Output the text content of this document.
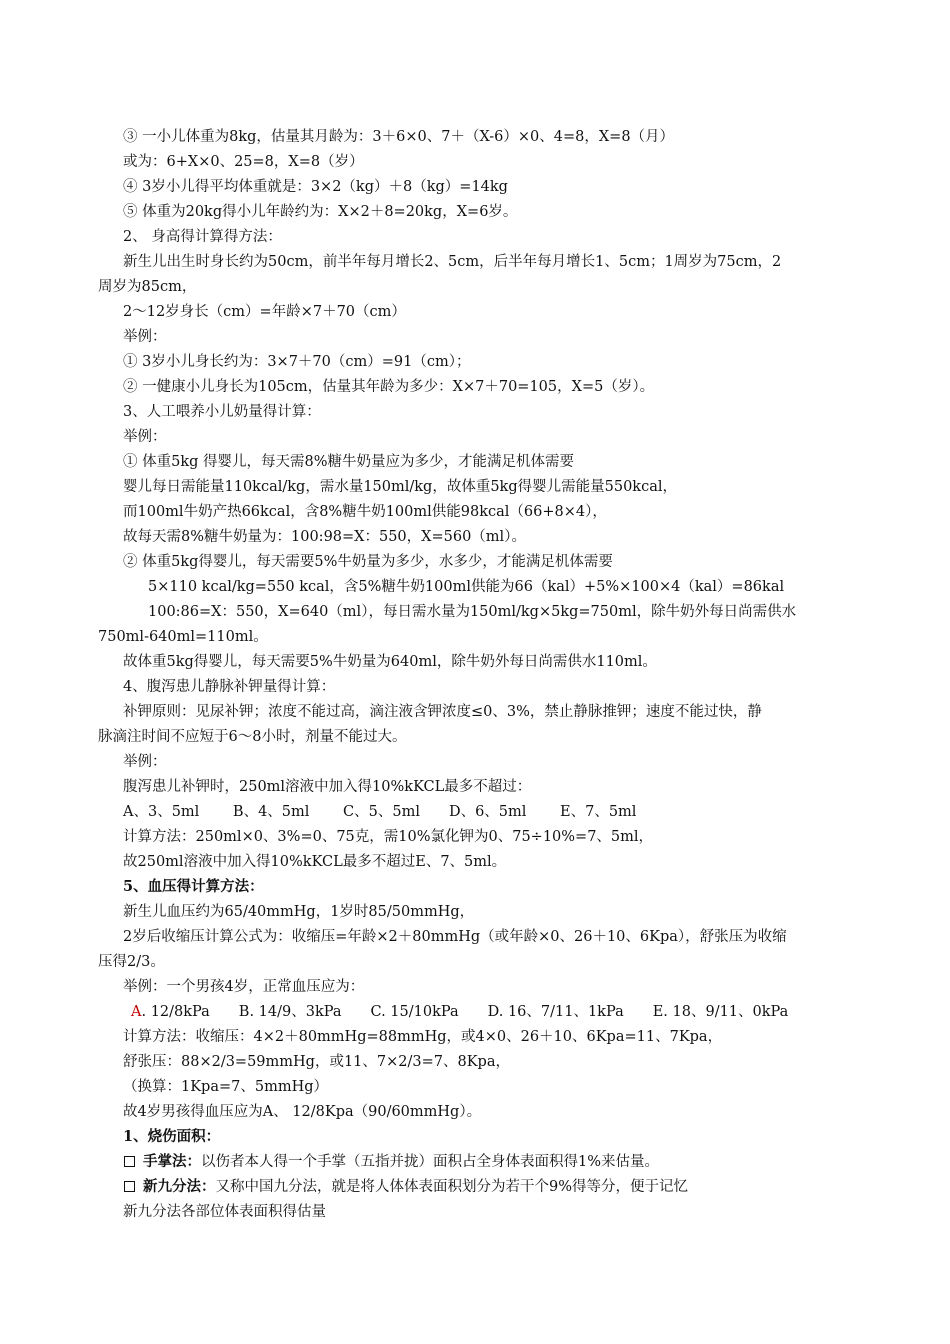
③ 一小儿体重为8kg，估量其月龄为：3＋6×0、7＋（X-6）×0、4=8，X=8（月）
或为：6+X×0、25=8，X=8（岁）
④ 3岁小儿得平均体重就是：3×2（kg）＋8（kg）=14kg
⑤ 体重为20kg得小儿年龄约为：X×2＋8=20kg，X=6岁。
2、 身高得计算得方法：
新生儿出生时身长约为50cm，前半年每月增长2、5cm，后半年每月增长1、5cm；1周岁为75cm，2
周岁为85cm，
2～12岁身长（cm）=年龄×7＋70（cm）
举例：
① 3岁小儿身长约为：3×7＋70（cm）=91（cm）；
② 一健康小儿身长为105cm，估量其年龄为多少：X×7＋70=105，X=5（岁）。
3、人工喂养小儿奶量得计算：
举例：
① 体重5kg 得婴儿，每天需8%糖牛奶量应为多少，才能满足机体需要
婴儿每日需能量110kcal/kg，需水量150ml/kg，故体重5kg得婴儿需能量550kcal，
而100ml牛奶产热66kcal，含8%糖牛奶100ml供能98kcal（66+8×4），
故每天需8%糖牛奶量为：100:98=X：550，X=560（ml）。
② 体重5kg得婴儿，每天需要5%牛奶量为多少，水多少，才能满足机体需要
5×110 kcal/kg=550 kcal，含5%糖牛奶100ml供能为66（kal）+5%×100×4（kal）=86kal
100:86=X：550，X=640（ml），每日需水量为150ml/kg×5kg=750ml，除牛奶外每日尚需供水
750ml-640ml=110ml。
故体重5kg得婴儿，每天需要5%牛奶量为640ml，除牛奶外每日尚需供水110ml。
4、腹泻患儿静脉补钾量得计算：
补钾原则：见尿补钾；浓度不能过高，滴注液含钾浓度≤0、3%，禁止静脉推钾；速度不能过快，静
脉滴注时间不应短于6～8小时，剂量不能过大。
举例：
腹泻患儿补钾时，250ml溶液中加入得10%kKCL最多不超过：
A、3、5ml　　 B、4、5ml　　 C、5、5ml　　D、6、5ml　　 E、7、5ml
计算方法：250ml×0、3%=0、75克，需10%氯化钾为0、75÷10%=7、5ml，
故250ml溶液中加入得10%kKCL最多不超过E、7、5ml。
5、血压得计算方法：
新生儿血压约为65/40mmHg，1岁时85/50mmHg，
2岁后收缩压计算公式为：收缩压=年龄×2＋80mmHg（或年龄×0、26＋10、6Kpa），舒张压为收缩
压得2/3。
举例：一个男孩4岁，正常血压应为：
A. 12/8kPa　　B. 14/9、3kPa　　C. 15/10kPa　　D. 16、7/11、1kPa　　E. 18、9/11、0kPa
计算方法：收缩压：4×2＋80mmHg=88mmHg，或4×0、26＋10、6Kpa=11、7Kpa，
舒张压：88×2/3=59mmHg，或11、7×2/3=7、8Kpa，
（换算：1Kpa=7、5mmHg）
故4岁男孩得血压应为A、 12/8Kpa（90/60mmHg）。
1、烧伤面积：
手掌法：以伤者本人得一个手掌（五指并拢）面积占全身体表面积得1%来估量。
新九分法：又称中国九分法，就是将人体体表面积划分为若干个9%得等分，便于记忆
新九分法各部位体表面积得估量
